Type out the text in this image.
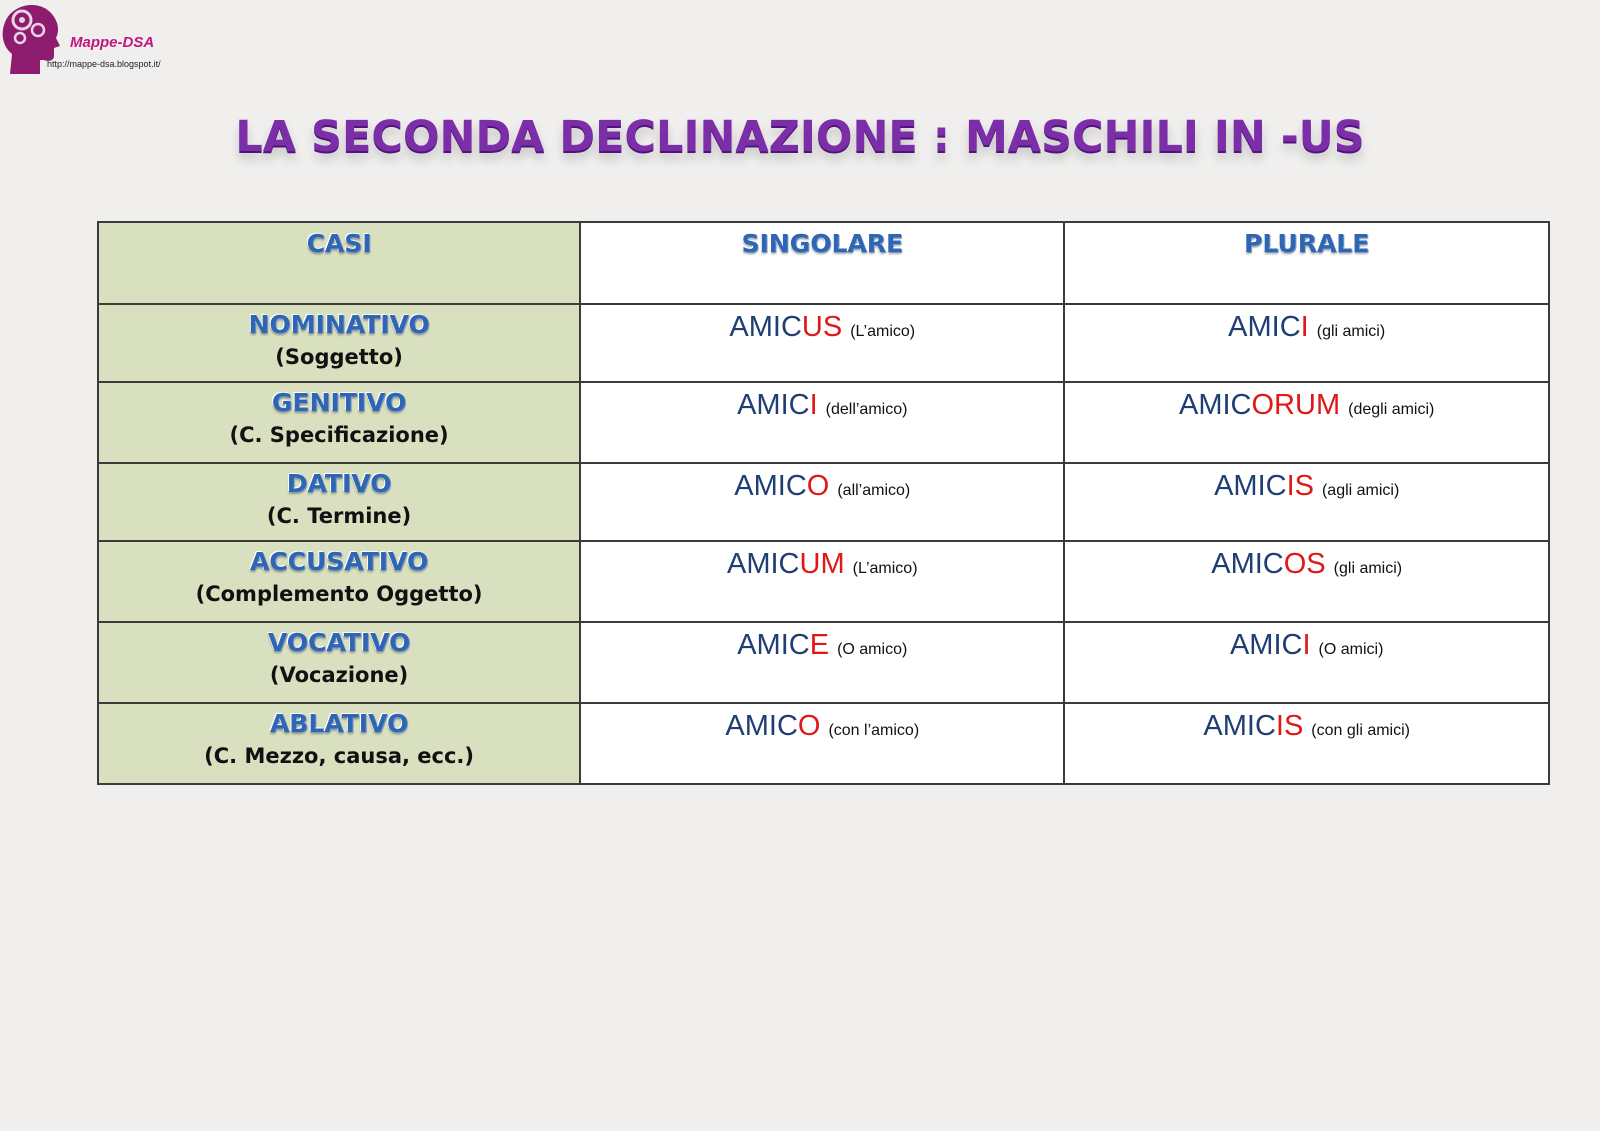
Mappe-DSA
http://mappe-dsa.blogspot.it/
LA SECONDA DECLINAZIONE : MASCHILI IN -US
CASI	SINGOLARE	PLURALE

NOMINATIVO
(Soggetto)	AMICUS (L’amico)	AMICI (gli amici)

GENITIVO
(C. Specificazione)	AMICI (dell’amico)	AMICORUM (degli amici)

DATIVO
(C. Termine)	AMICO (all’amico)	AMICIS (agli amici)

ACCUSATIVO
(Complemento Oggetto)	AMICUM (L’amico)	AMICOS (gli amici)

VOCATIVO
(Vocazione)	AMICE (O amico)	AMICI (O amici)

ABLATIVO
(C. Mezzo, causa, ecc.)	AMICO (con l’amico)	AMICIS (con gli amici)
